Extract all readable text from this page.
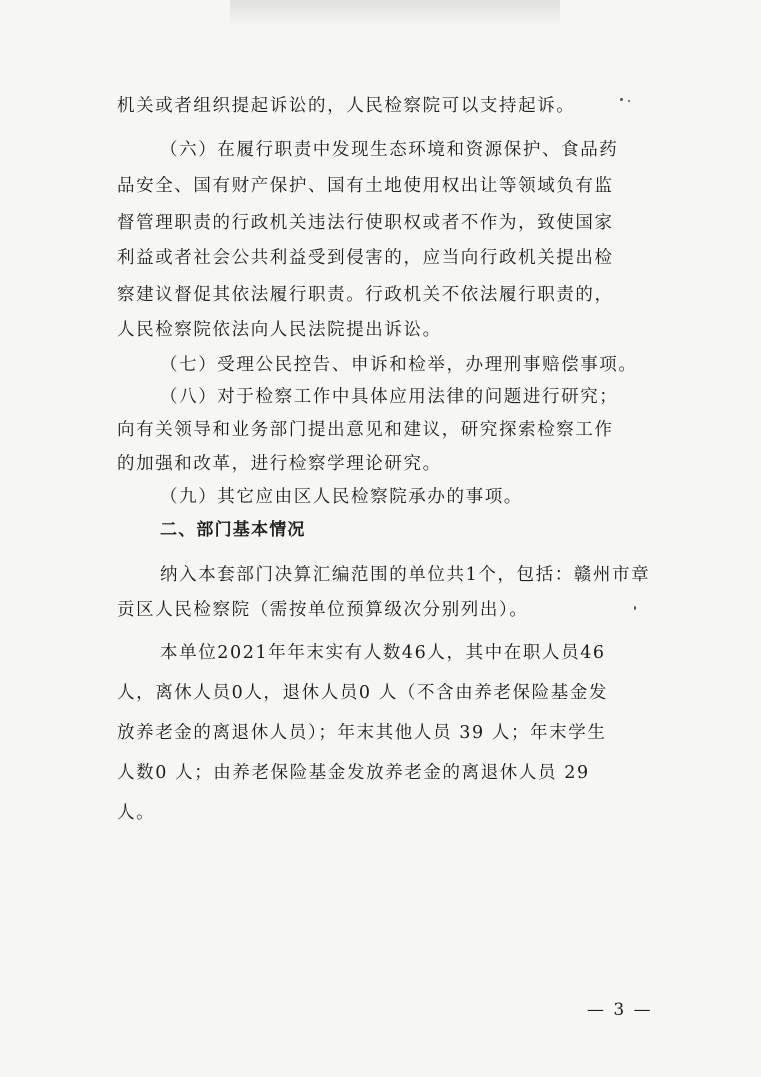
机关或者组织提起诉讼的，人民检察院可以支持起诉。
（六）在履行职责中发现生态环境和资源保护、食品药
品安全、国有财产保护、国有土地使用权出让等领域负有监
督管理职责的行政机关违法行使职权或者不作为，致使国家
利益或者社会公共利益受到侵害的，应当向行政机关提出检
察建议督促其依法履行职责。行政机关不依法履行职责的，
人民检察院依法向人民法院提出诉讼。
（七）受理公民控告、申诉和检举，办理刑事赔偿事项。
（八）对于检察工作中具体应用法律的问题进行研究；
向有关领导和业务部门提出意见和建议，研究探索检察工作
的加强和改革，进行检察学理论研究。
（九）其它应由区人民检察院承办的事项。
二、部门基本情况
纳入本套部门决算汇编范围的单位共1个，包括：赣州市章
贡区人民检察院（需按单位预算级次分别列出）。
本单位2021年年末实有人数46人，其中在职人员46
人，离休人员0人，退休人员0 人（不含由养老保险基金发
放养老金的离退休人员）；年末其他人员 39 人；年末学生
人数0 人；由养老保险基金发放养老金的离退休人员 29
人。
— 3 —
